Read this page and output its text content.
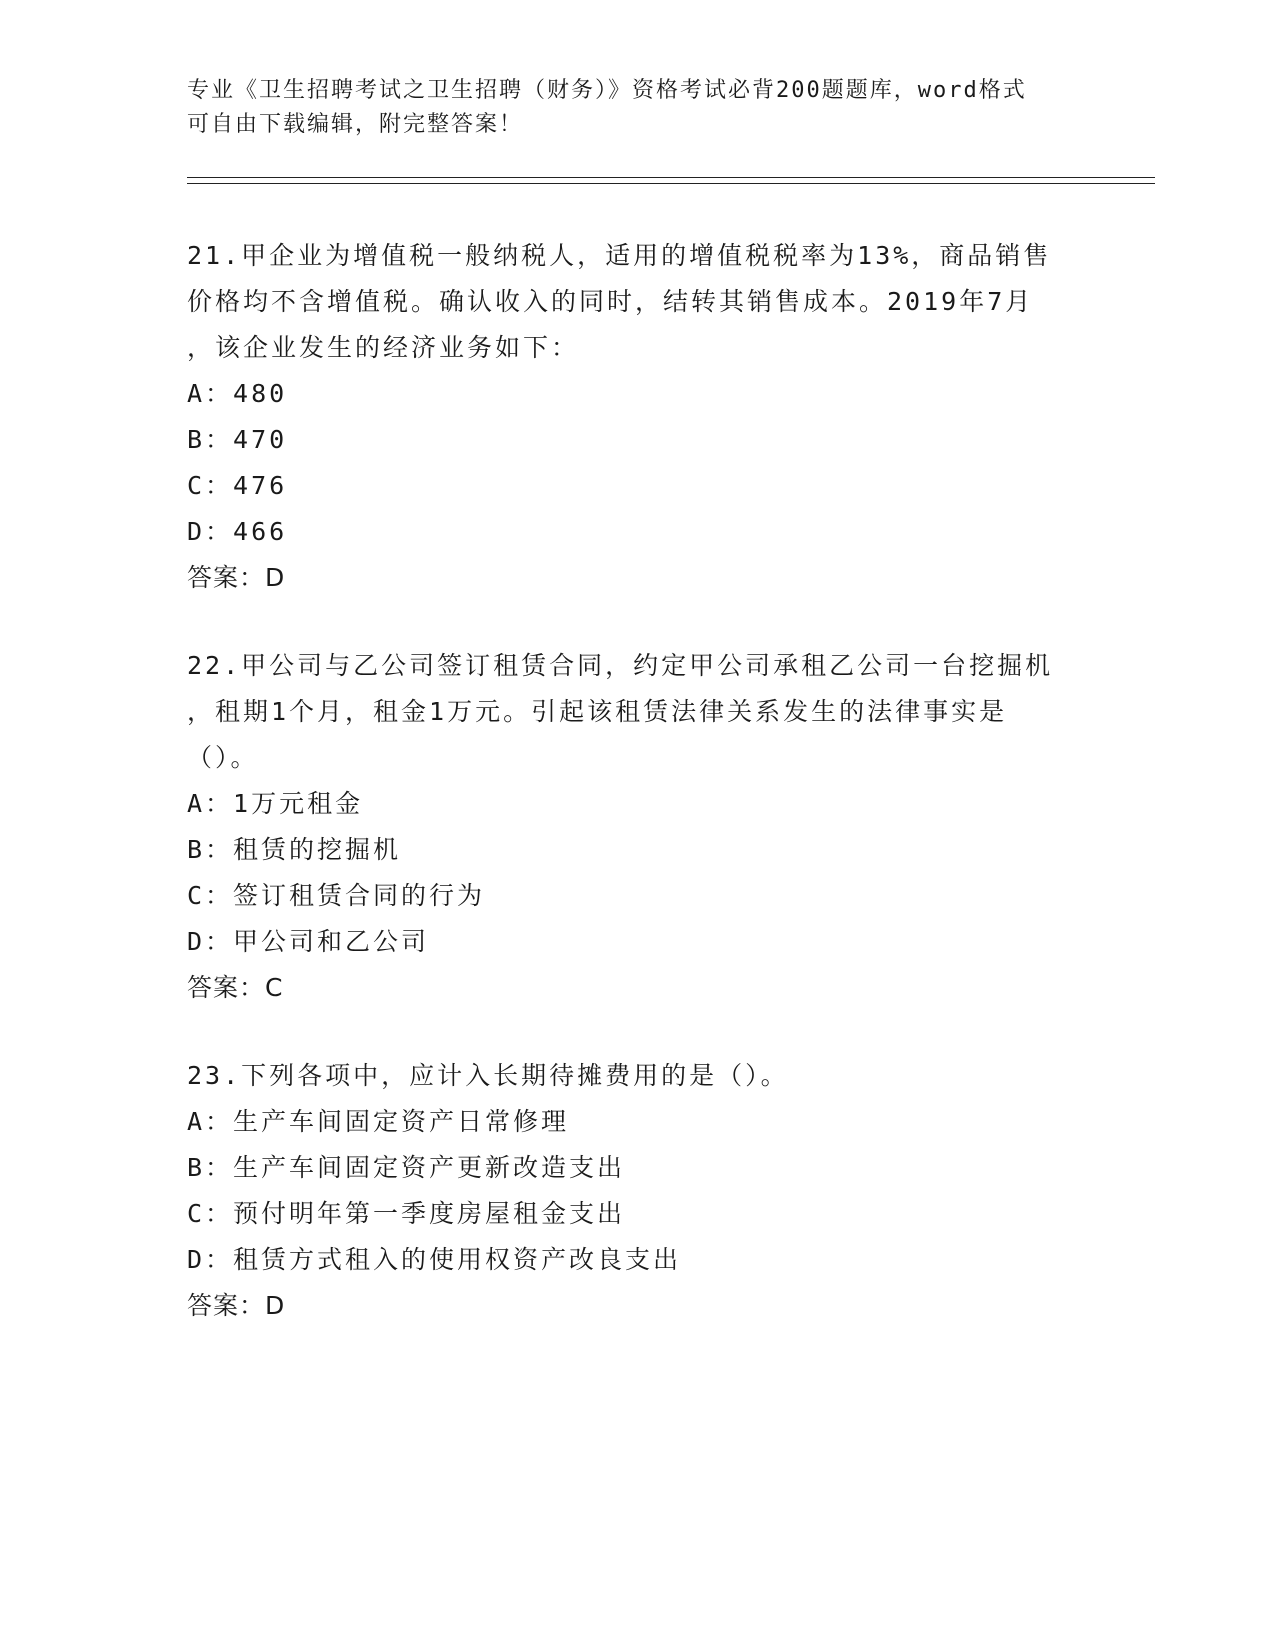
专业《卫生招聘考试之卫生招聘（财务）》资格考试必背200题题库，word格式
可自由下载编辑，附完整答案！
21.甲企业为增值税一般纳税人，适用的增值税税率为13%，商品销售
价格均不含增值税。确认收入的同时，结转其销售成本。2019年7月
，该企业发生的经济业务如下：
A：480
B：470
C：476
D：466
答案：D
22.甲公司与乙公司签订租赁合同，约定甲公司承租乙公司一台挖掘机
，租期1个月，租金1万元。引起该租赁法律关系发生的法律事实是
（）。
A：1万元租金
B：租赁的挖掘机
C：签订租赁合同的行为
D：甲公司和乙公司
答案：C
23.下列各项中，应计入长期待摊费用的是（）。
A：生产车间固定资产日常修理
B：生产车间固定资产更新改造支出
C：预付明年第一季度房屋租金支出
D：租赁方式租入的使用权资产改良支出
答案：D
